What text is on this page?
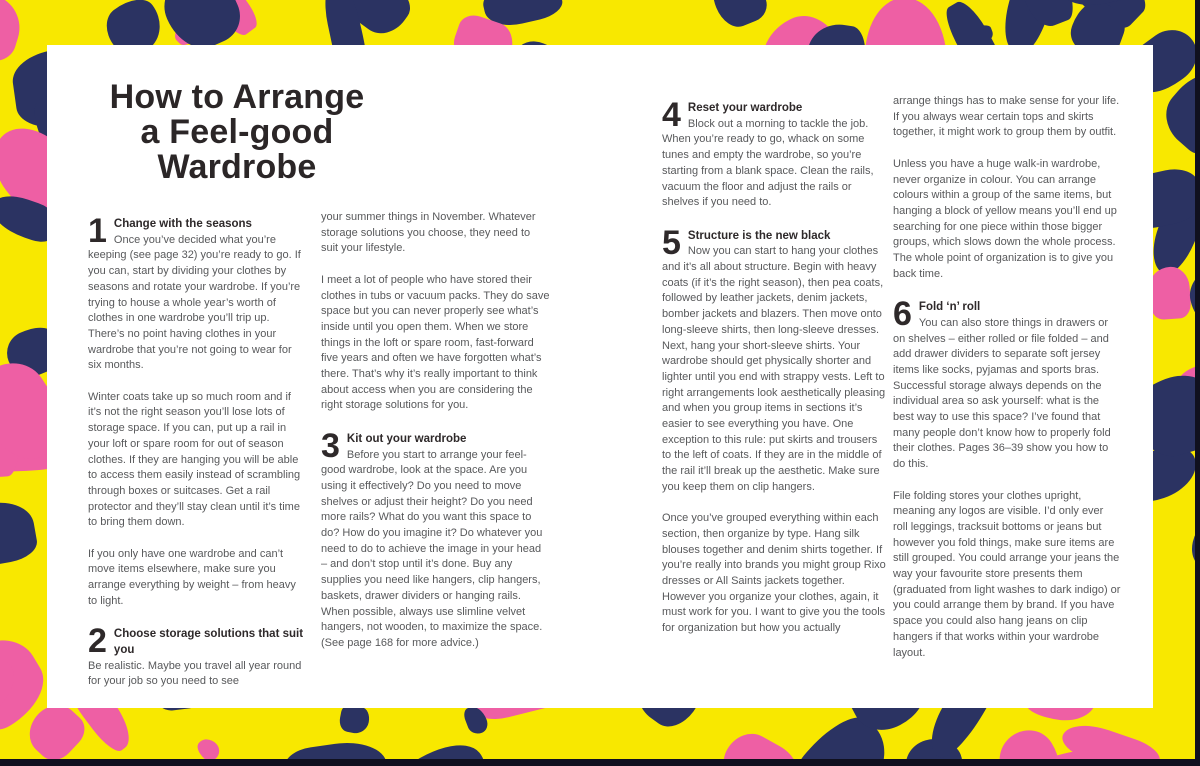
How to Arrange
a Feel-good
Wardrobe
1 Change with the seasons
Once you’ve decided what you’re keeping (see page 32) you’re ready to go. If you can, start by dividing your clothes by seasons and rotate your wardrobe. If you’re trying to house a whole year’s worth of clothes in one wardrobe you’ll trip up. There’s no point having clothes in your wardrobe that you’re not going to wear for six months.
Winter coats take up so much room and if it’s not the right season you’ll lose lots of storage space. If you can, put up a rail in your loft or spare room for out of season clothes. If they are hanging you will be able to access them easily instead of scrambling through boxes or suitcases. Get a rail protector and they’ll stay clean until it’s time to bring them down.
If you only have one wardrobe and can’t move items elsewhere, make sure you arrange everything by weight – from heavy to light.
2 Choose storage solutions that suit you
Be realistic. Maybe you travel all year round for your job so you need to see
your summer things in November. Whatever storage solutions you choose, they need to suit your lifestyle.
I meet a lot of people who have stored their clothes in tubs or vacuum packs. They do save space but you can never properly see what’s inside until you open them. When we store things in the loft or spare room, fast-forward five years and often we have forgotten what’s there. That’s why it’s really important to think about access when you are considering the right storage solutions for you.
3 Kit out your wardrobe
Before you start to arrange your feel-good wardrobe, look at the space. Are you using it effectively? Do you need to move shelves or adjust their height? Do you need more rails? What do you want this space to do? How do you imagine it? Do whatever you need to do to achieve the image in your head – and don’t stop until it’s done. Buy any supplies you need like hangers, clip hangers, baskets, drawer dividers or hanging rails. When possible, always use slimline velvet hangers, not wooden, to maximize the space. (See page 168 for more advice.)
4 Reset your wardrobe
Block out a morning to tackle the job. When you’re ready to go, whack on some tunes and empty the wardrobe, so you’re starting from a blank space. Clean the rails, vacuum the floor and adjust the rails or shelves if you need to.
5 Structure is the new black
Now you can start to hang your clothes and it’s all about structure. Begin with heavy coats (if it’s the right season), then pea coats, followed by leather jackets, denim jackets, bomber jackets and blazers. Then move onto long-sleeve shirts, then long-sleeve dresses. Next, hang your short-sleeve shirts. Your wardrobe should get physically shorter and lighter until you end with strappy vests. Left to right arrangements look aesthetically pleasing and when you group items in sections it’s easier to see everything you have. One exception to this rule: put skirts and trousers to the left of coats. If they are in the middle of the rail it’ll break up the aesthetic. Make sure you keep them on clip hangers.
Once you’ve grouped everything within each section, then organize by type. Hang silk blouses together and denim shirts together. If you’re really into brands you might group Rixo dresses or All Saints jackets together. However you organize your clothes, again, it must work for you. I want to give you the tools for organization but how you actually
arrange things has to make sense for your life. If you always wear certain tops and skirts together, it might work to group them by outfit.
Unless you have a huge walk-in wardrobe, never organize in colour. You can arrange colours within a group of the same items, but hanging a block of yellow means you’ll end up searching for one piece within those bigger groups, which slows down the whole process. The whole point of organization is to give you back time.
6 Fold ‘n’ roll
You can also store things in drawers or on shelves – either rolled or file folded – and add drawer dividers to separate soft jersey items like socks, pyjamas and sports bras. Successful storage always depends on the individual area so ask yourself: what is the best way to use this space? I’ve found that many people don’t know how to properly fold their clothes. Pages 36–39 show you how to do this.
File folding stores your clothes upright, meaning any logos are visible. I’d only ever roll leggings, tracksuit bottoms or jeans but however you fold things, make sure items are still grouped. You could arrange your jeans the way your favourite store presents them (graduated from light washes to dark indigo) or you could arrange them by brand. If you have space you could also hang jeans on clip hangers if that works within your wardrobe layout.
